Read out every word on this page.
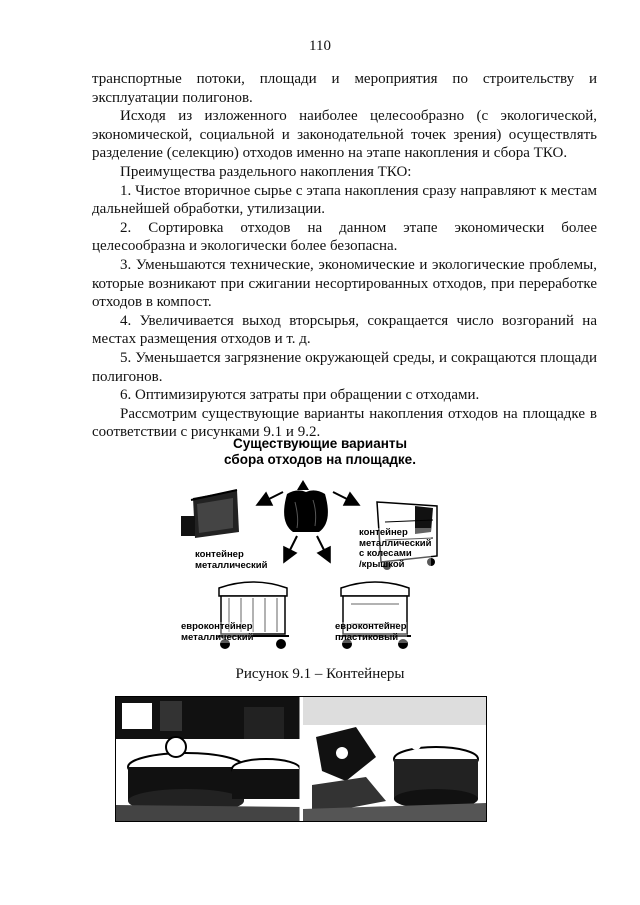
110

транспортные потоки, площади и мероприятия по строительству и эксплуатации полигонов.

Исходя из изложенного наиболее целесообразно (с экологической, экономической, социальной и законодательной точек зрения) осуществлять разделение (селекцию) отходов именно на этапе накопления и сбора ТКО.

Преимущества раздельного накопления ТКО:

1. Чистое вторичное сырье с этапа накопления сразу направляют к местам дальнейшей обработки, утилизации.

2. Сортировка отходов на данном этапе экономически более целесообразна и экологически более безопасна.

3. Уменьшаются технические, экономические и экологические проблемы, которые возникают при сжигании несортированных отходов, при переработке отходов в компост.

4. Увеличивается выход вторсырья, сокращается число возгораний на местах размещения отходов и т. д.

5. Уменьшается загрязнение окружающей среды, и сокращаются площади полигонов.

6. Оптимизируются затраты при обращении с отходами.

Рассмотрим существующие варианты накопления отходов на площадке в соответствии с рисунками 9.1 и 9.2.

Существующие варианты
сбора отходов на площадке.
контейнер
металлический
контейнер
металлический
с колесами
/крышкой
евроконтейнер
металлический
евроконтейнер
пластиковый
Рисунок 9.1 – Контейнеры
